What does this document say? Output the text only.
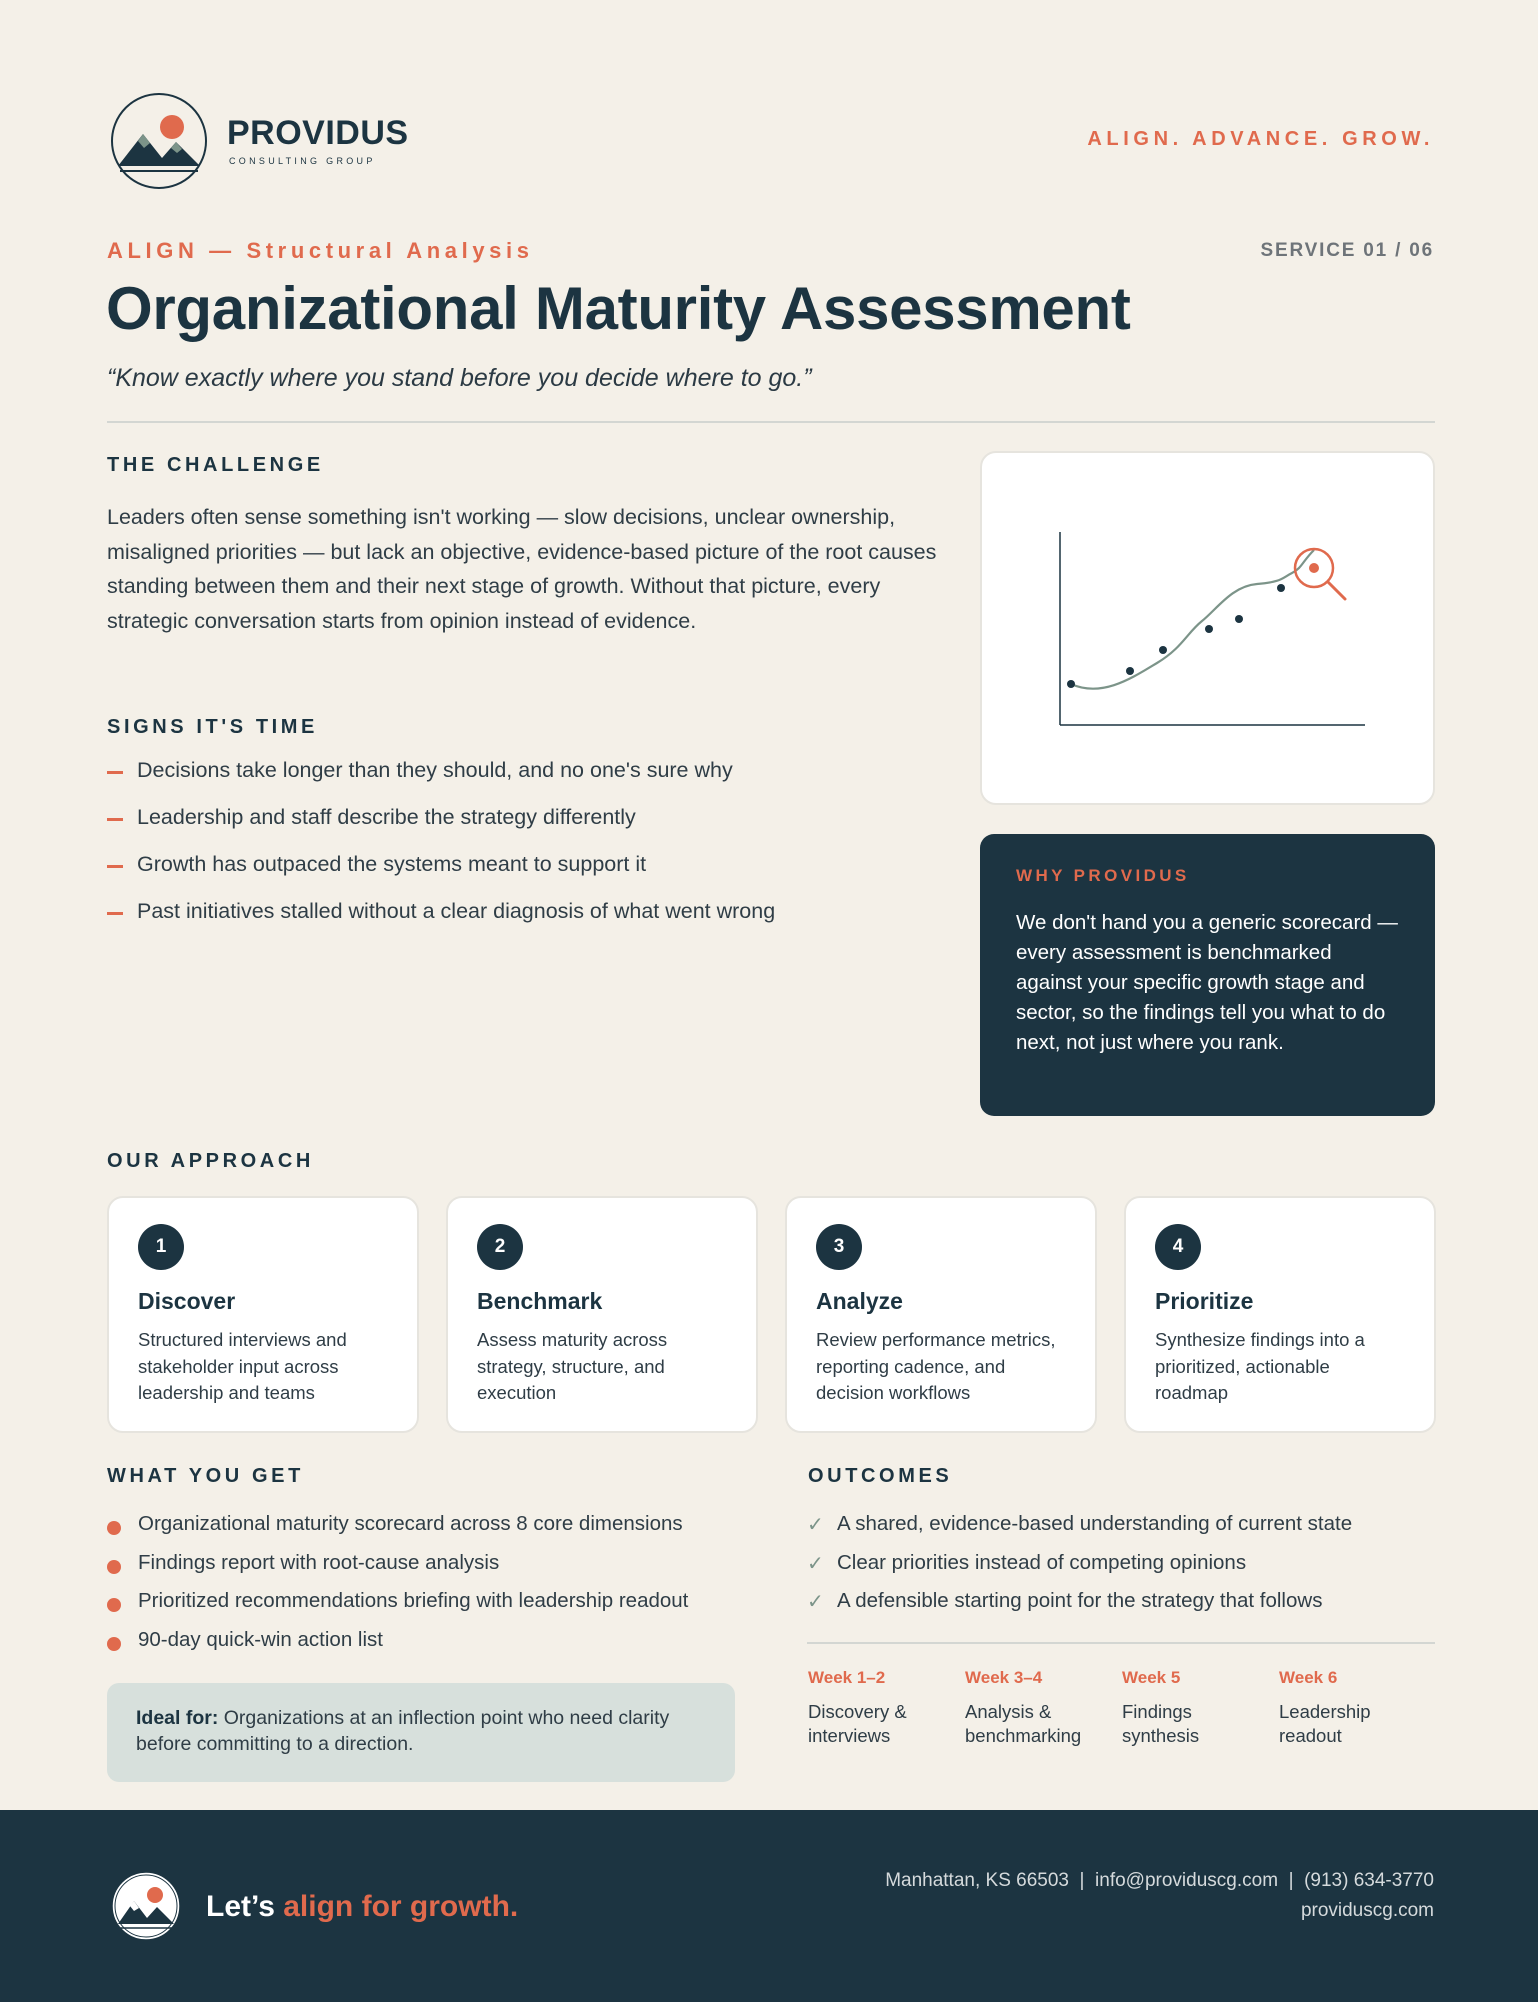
PROVIDUS
CONSULTING GROUP
ALIGN. ADVANCE. GROW.
ALIGN — Structural Analysis	SERVICE 01 / 06
Organizational Maturity Assessment
“Know exactly where you stand before you decide where to go.”
THE CHALLENGE

Leaders often sense something isn't working — slow decisions, unclear ownership, misaligned priorities — but lack an objective, evidence-based picture of the root causes standing between them and their next stage of growth. Without that picture, every strategic conversation starts from opinion instead of evidence.

SIGNS IT'S TIME
Decisions take longer than they should, and no one's sure why
Leadership and staff describe the strategy differently
Growth has outpaced the systems meant to support it
Past initiatives stalled without a clear diagnosis of what went wrong
WHY PROVIDUS

We don't hand you a generic scorecard — every assessment is benchmarked against your specific growth stage and sector, so the findings tell you what to do next, not just where you rank.

OUR APPROACH
1
Discover

Structured interviews and stakeholder input across leadership and teams

2
Benchmark

Assess maturity across strategy, structure, and execution

3
Analyze

Review performance metrics, reporting cadence, and decision workflows

4
Prioritize

Synthesize findings into a prioritized, actionable roadmap

WHAT YOU GET
Organizational maturity scorecard across 8 core dimensions
Findings report with root-cause analysis
Prioritized recommendations briefing with leadership readout
90-day quick-win action list
Ideal for: Organizations at an inflection point who need clarity before committing to a direction.
OUTCOMES
✓ A shared, evidence-based understanding of current state
✓ Clear priorities instead of competing opinions
✓ A defensible starting point for the strategy that follows
Week 1–2
Discovery & interviews
Week 3–4
Analysis & benchmarking
Week 5
Findings synthesis
Week 6
Leadership readout
Let’s align for growth.
Manhattan, KS 66503  |  info@providuscg.com  |  (913) 634-3770
providuscg.com
